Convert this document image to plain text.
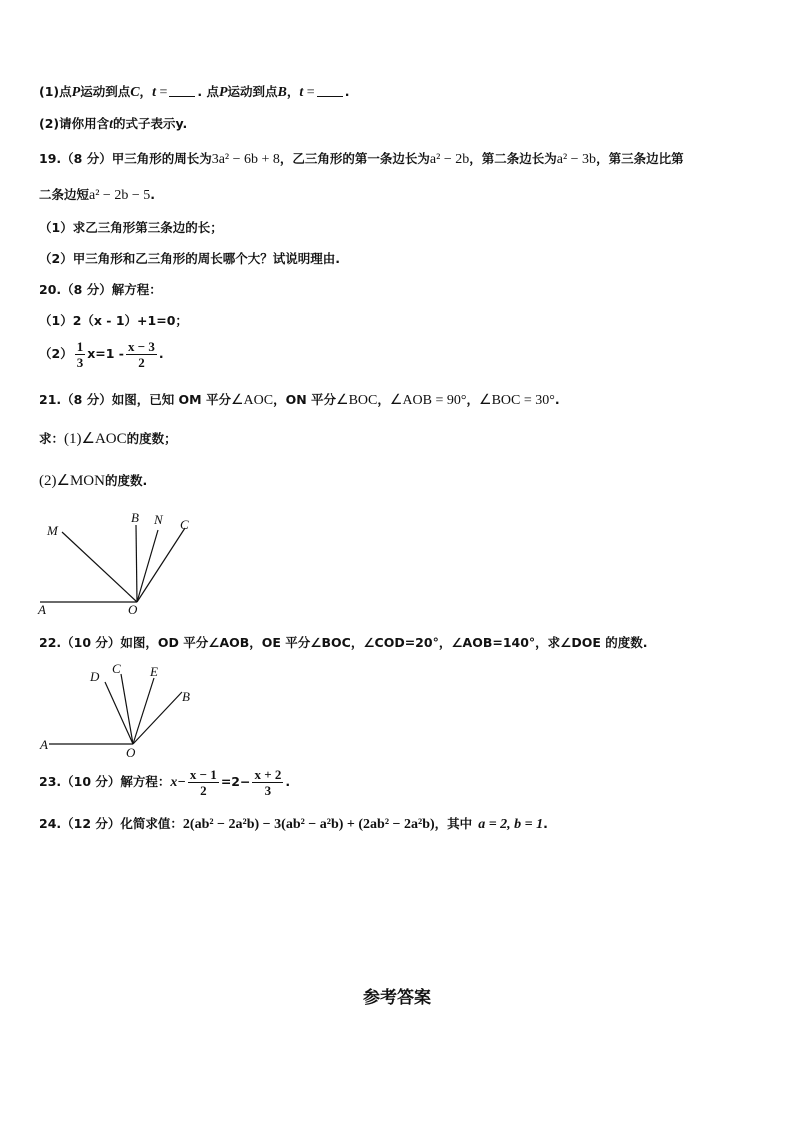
(1)点P运动到点C，t = . 点P运动到点B，t = .
(2)请你用含t的式子表示y.
19.（8 分）甲三角形的周长为3a² − 6b + 8，乙三角形的第一条边长为a² − 2b，第二条边长为a² − 3b，第三条边比第
二条边短a² − 2b − 5.
（1）求乙三角形第三条边的长；
（2）甲三角形和乙三角形的周长哪个大？试说明理由.
20.（8 分）解方程：
（1）2（x - 1）+1=0；
$(2) \frac{1}{3} x=1 - \frac{x - 3}{2}$ .
21.（8 分）如图，已知 OM 平分∠AOC，ON 平分∠BOC，∠AOB = 90°，∠BOC = 30°.
求：(1)∠AOC的度数；
(2)∠MON的度数.
M
B N C
A	O
22.（10 分）如图，OD 平分∠AOB，OE 平分∠BOC，∠COD=20°，∠AOB=140°，求∠DOE 的度数.
D
C E
B
A
O
23.（10 分）解方程：$x- \frac{x - 1}{2} =2- \frac{x + 2}{3}$ .
24.（12 分）化简求值：2(ab² − 2a²b) − 3(ab² − a²b) + (2ab² − 2a²b)，其中 a = 2, b = 1.
参考答案
